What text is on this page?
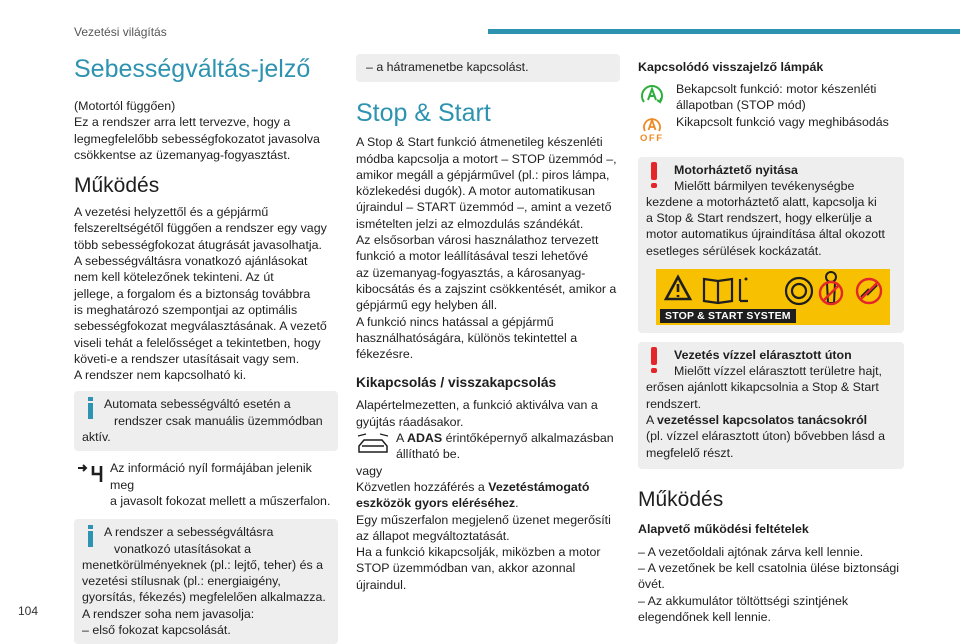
Vezetési világítás
104
Sebességváltás-jelző

(Motortól függően)

Ez a rendszer arra lett tervezve, hogy a

legmegfelelőbb sebességfokozatot javasolva

csökkentse az üzemanyag-fogyasztást.

Működés

A vezetési helyzettől és a gépjármű

felszereltségétől függően a rendszer egy vagy

több sebességfokozat átugrását javasolhatja.

A sebességváltásra vonatkozó ajánlásokat

nem kell kötelezőnek tekinteni. Az út

jellege, a forgalom és a biztonság továbbra

is meghatározó szempontjai az optimális

sebességfokozat megválasztásának. A vezető

viseli tehát a felelősséget a tekintetben, hogy

követi-e a rendszer utasításait vagy sem.

A rendszer nem kapcsolható ki.

Automata sebességváltó esetén a

rendszer csak manuális üzemmódban

aktív.

Az információ nyíl formájában jelenik meg

a javasolt fokozat mellett a műszerfalon.

A rendszer a sebességváltásra

vonatkozó utasításokat a

menetkörülményeknek (pl.: lejtő, teher) és a

vezetési stílusnak (pl.: energiaigény,

gyorsítás, fékezés) megfelelően alkalmazza.

A rendszer soha nem javasolja:

– első fokozat kapcsolását.

– a hátramenetbe kapcsolást.

Stop & Start

A Stop & Start funkció átmenetileg készenléti

módba kapcsolja a motort – STOP üzemmód –,

amikor megáll a gépjárművel (pl.: piros lámpa,

közlekedési dugók). A motor automatikusan

újraindul – START üzemmód –, amint a vezető

ismételten jelzi az elmozdulás szándékát.

Az elsősorban városi használathoz tervezett

funkció a motor leállításával teszi lehetővé

az üzemanyag-fogyasztás, a károsanyag-

kibocsátás és a zajszint csökkentését, amikor a

gépjármű egy helyben áll.

A funkció nincs hatással a gépjármű

használhatóságára, különös tekintettel a

fékezésre.

Kikapcsolás / visszakapcsolás

Alapértelmezetten, a funkció aktiválva van a

gyújtás ráadásakor.

A ADAS érintőképernyő alkalmazásban

állítható be.

vagy

Közvetlen hozzáférés a Vezetéstámogató

eszközök gyors eléréséhez.

Egy műszerfalon megjelenő üzenet megerősíti

az állapot megváltoztatását.

Ha a funkció kikapcsolják, miközben a motor

STOP üzemmódban van, akkor azonnal

újraindul.

Kapcsolódó visszajelző lámpák

Bekapcsolt funkció: motor készenléti

állapotban (STOP mód)

OFF

Kikapcsolt funkció vagy meghibásodás

Motorháztető nyitása

Mielőtt bármilyen tevékenységbe

kezdene a motorháztető alatt, kapcsolja ki

a Stop & Start rendszert, hogy elkerülje a

motor automatikus újraindítása által okozott

esetleges sérülések kockázatát.

STOP & START SYSTEM

Vezetés vízzel elárasztott úton

Mielőtt vízzel elárasztott területre hajt,

erősen ajánlott kikapcsolnia a Stop & Start

rendszert.

A vezetéssel kapcsolatos tanácsokról

(pl. vízzel elárasztott úton) bővebben lásd a

megfelelő részt.

Működés
Alapvető működési feltételek

– A vezetőoldali ajtónak zárva kell lennie.

– A vezetőnek be kell csatolnia ülése biztonsági

övét.

– Az akkumulátor töltöttségi szintjének

elegendőnek kell lennie.
